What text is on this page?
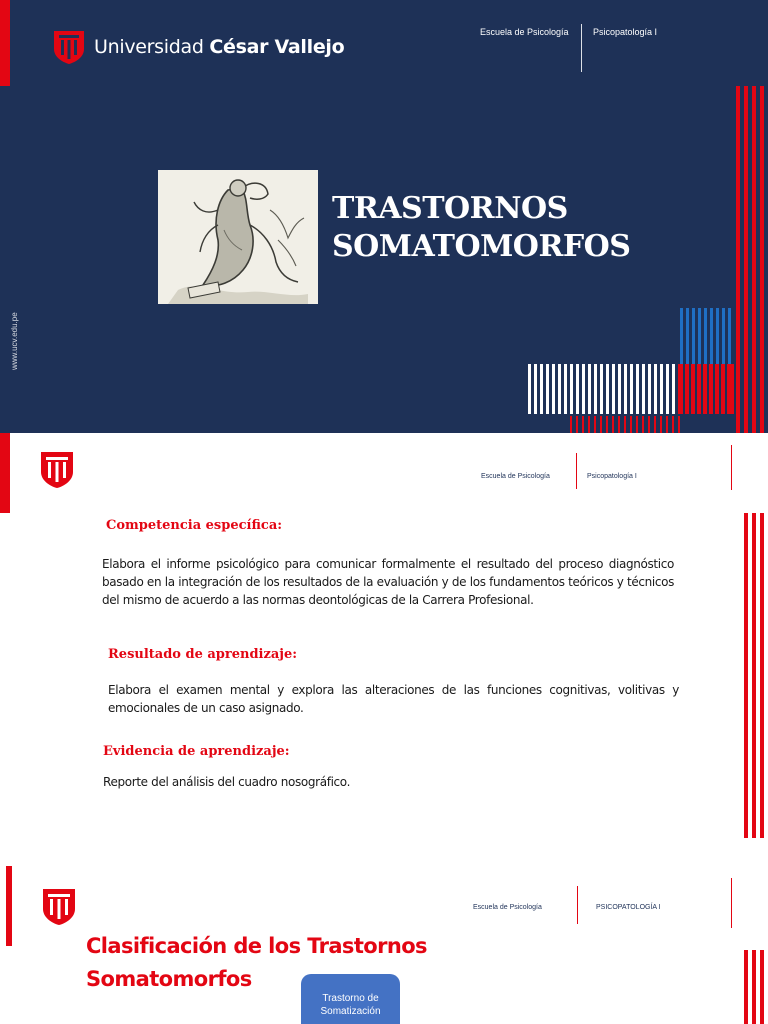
Universidad César Vallejo
Escuela de Psicología	Psicopatología I
TRASTORNOS
SOMATOMORFOS
www.ucv.edu.pe
Escuela de Psicología	Psicopatología I
Competencia específica:
Elabora el informe psicológico para comunicar formalmente el resultado del proceso diagnóstico basado en la integración de los resultados de la evaluación y de los fundamentos teóricos y técnicos del mismo de acuerdo a las normas deontológicas de la Carrera Profesional.
Resultado de aprendizaje:
Elabora el examen mental y explora las alteraciones de las funciones cognitivas, volitivas y emocionales de un caso asignado.
Evidencia de aprendizaje:
Reporte del análisis del cuadro nosográfico.
Escuela de Psicología	PSICOPATOLOGÍA I
Clasificación de los Trastornos
Somatomorfos
Trastorno de
Somatización
